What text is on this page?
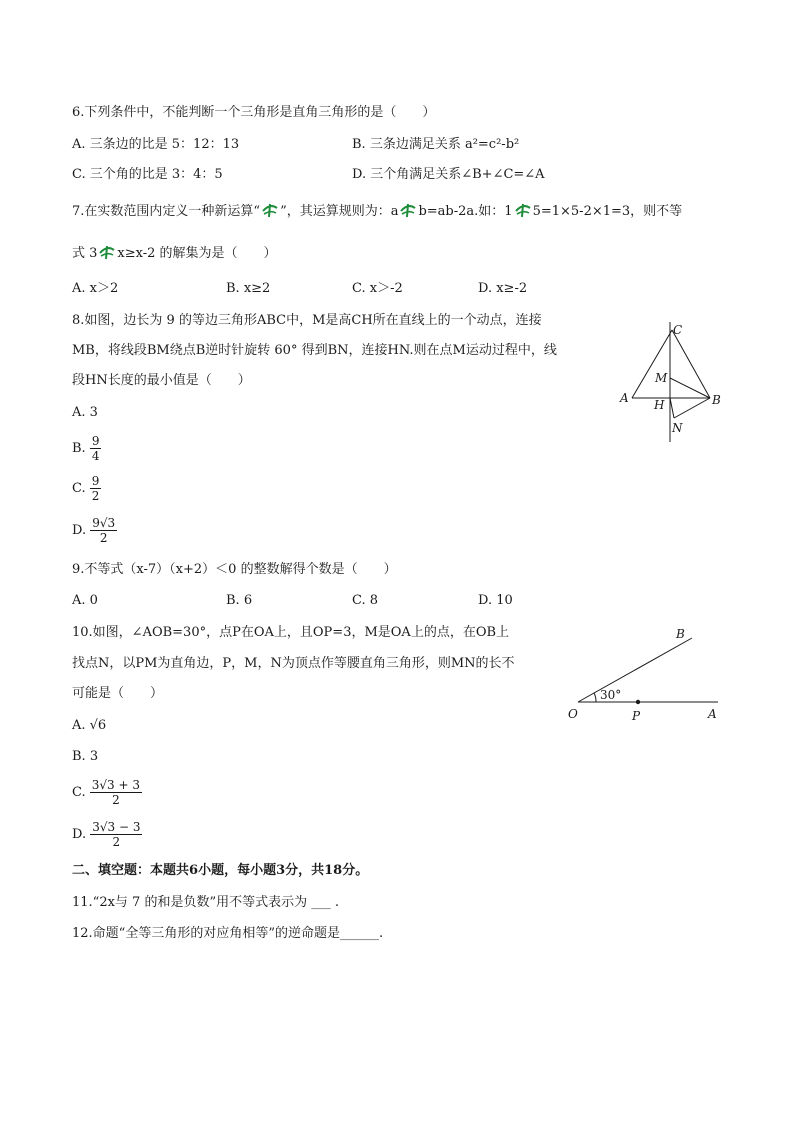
6.下列条件中，不能判断一个三角形是直角三角形的是（　　）
A. 三条边的比是 5：12：13	B. 三条边满足关系 a²=c²-b²
C. 三个角的比是 3：4：5	D. 三个角满足关系∠B+∠C=∠A
7.在实数范围内定义一种新运算“ ”，其运算规则为：a b=ab-2a.如：1 5=1×5-2×1=3，则不等
式 3 x≥x-2 的解集为是（　　）
A. x＞2	B. x≥2	C. x＞-2	D. x≥-2
8.如图，边长为 9 的等边三角形ABC中，M是高CH所在直线上的一个动点，连接
MB，将线段BM绕点B逆时针旋转 60° 得到BN，连接HN.则在点M运动过程中，线
段HN长度的最小值是（　　）
A. 3
B. $\frac{9}{4}$
C. $\frac{9}{2}$
D. $\frac{9√3}{2}$
C
M
A H	B
N
9.不等式（x-7）（x+2）＜0 的整数解得个数是（　　）
A. 0	B. 6	C. 8	D. 10
10.如图，∠AOB=30°，点P在OA上，且OP=3，M是OA上的点，在OB上
找点N，以PM为直角边，P，M，N为顶点作等腰直角三角形，则MN的长不
可能是（　　）
A. √6
B. 3
C. $\frac{3√3 + 3}{2}$
D. $\frac{3√3 - 3}{2}$
B
30°
O	P	A
二、填空题：本题共6小题，每小题3分，共18分。
11.“2x与 7 的和是负数”用不等式表示为 ___ .
12.命题“全等三角形的对应角相等”的逆命题是______.
